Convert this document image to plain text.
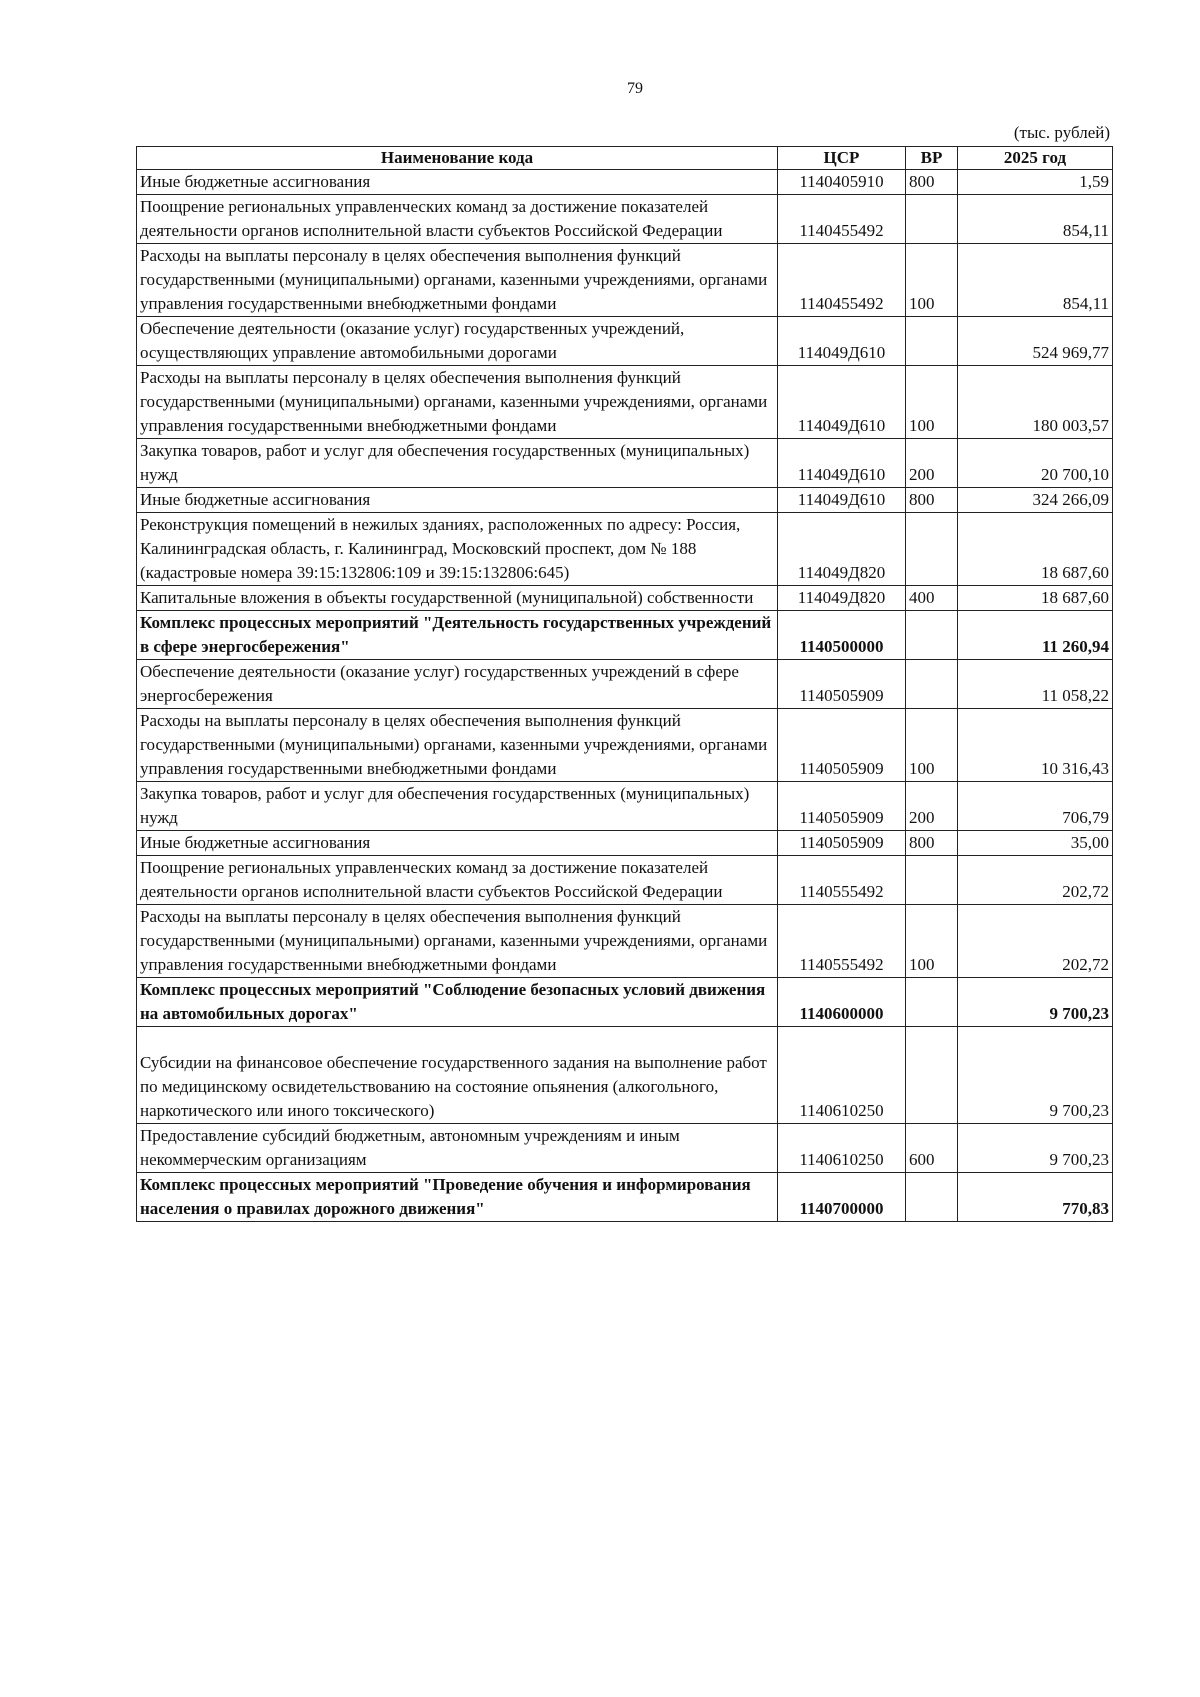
79
(тыс. рублей)
Наименование кода	ЦСР	ВР	2025 год
Иные бюджетные ассигнования	1140405910	800	1,59
Поощрение региональных управленческих команд за достижение показателей деятельности органов исполнительной власти субъектов Российской Федерации	1140455492		854,11
Расходы на выплаты персоналу в целях обеспечения выполнения функций государственными (муниципальными) органами, казенными учреждениями, органами управления государственными внебюджетными фондами	1140455492	100	854,11
Обеспечение деятельности (оказание услуг) государственных учреждений, осуществляющих управление автомобильными дорогами	114049Д610		524 969,77
Расходы на выплаты персоналу в целях обеспечения выполнения функций государственными (муниципальными) органами, казенными учреждениями, органами управления государственными внебюджетными фондами	114049Д610	100	180 003,57
Закупка товаров, работ и услуг для обеспечения государственных (муниципальных) нужд	114049Д610	200	20 700,10
Иные бюджетные ассигнования	114049Д610	800	324 266,09
Реконструкция помещений в нежилых зданиях, расположенных по адресу: Россия, Калининградская область, г. Калининград, Московский проспект, дом № 188 (кадастровые номера 39:15:132806:109 и 39:15:132806:645)	114049Д820		18 687,60
Капитальные вложения в объекты государственной (муниципальной) собственности	114049Д820	400	18 687,60
Комплекс процессных мероприятий "Деятельность государственных учреждений в сфере энергосбережения"	1140500000		11 260,94
Обеспечение деятельности (оказание услуг) государственных учреждений в сфере энергосбережения	1140505909		11 058,22
Расходы на выплаты персоналу в целях обеспечения выполнения функций государственными (муниципальными) органами, казенными учреждениями, органами управления государственными внебюджетными фондами	1140505909	100	10 316,43
Закупка товаров, работ и услуг для обеспечения государственных (муниципальных) нужд	1140505909	200	706,79
Иные бюджетные ассигнования	1140505909	800	35,00
Поощрение региональных управленческих команд за достижение показателей деятельности органов исполнительной власти субъектов Российской Федерации	1140555492		202,72
Расходы на выплаты персоналу в целях обеспечения выполнения функций государственными (муниципальными) органами, казенными учреждениями, органами управления государственными внебюджетными фондами	1140555492	100	202,72
Комплекс процессных мероприятий "Соблюдение безопасных условий движения на автомобильных дорогах"	1140600000		9 700,23
Субсидии на финансовое обеспечение государственного задания на выполнение работ по медицинскому освидетельствованию на состояние опьянения (алкогольного, наркотического или иного токсического)	1140610250		9 700,23
Предоставление субсидий бюджетным, автономным учреждениям и иным некоммерческим организациям	1140610250	600	9 700,23
Комплекс процессных мероприятий "Проведение обучения и информирования населения о правилах дорожного движения"	1140700000		770,83
